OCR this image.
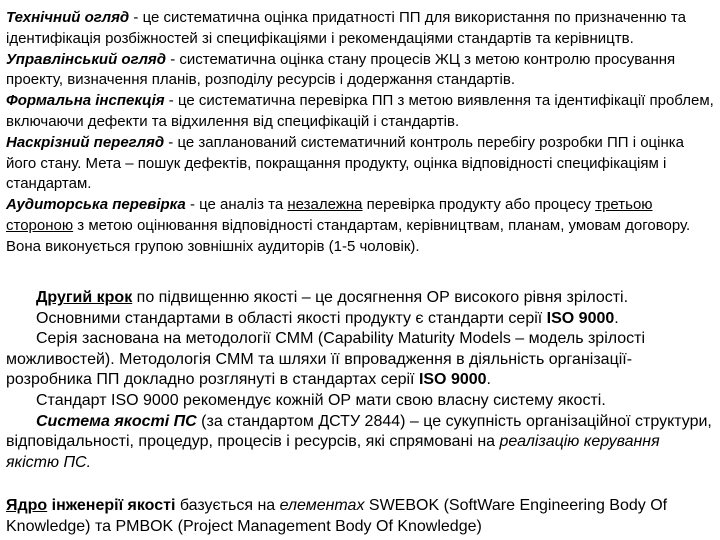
Технічний огляд - це систематична оцінка придатності ПП для використання по призначенню та ідентифікація розбіжностей зі специфікаціями і рекомендаціями стандартів та керівництв.

Управлінський огляд - систематична оцінка стану процесів ЖЦ з метою контролю просування проекту, визначення планів, розподілу ресурсів і додержання стандартів.

Формальна інспекція - це систематична перевірка ПП з метою виявлення та ідентифікації проблем, включаючи дефекти та відхилення від специфікацій і стандартів.

Наскрізний перегляд - це запланований систематичний контроль перебігу розробки ПП і оцінка його стану. Мета – пошук дефектів, покращання продукту, оцінка відповідності специфікаціям і стандартам.

Аудиторська перевірка - це аналіз та незалежна перевірка продукту або процесу третьою стороною з метою оцінювання відповідності стандартам, керівництвам, планам, умовам договору. Вона виконується групою зовнішніх аудиторів (1-5 чоловік).

Другий крок по підвищенню якості – це досягнення ОР високого рівня зрілості.

Основними стандартами в області якості продукту є стандарти серії ISO 9000.

Серія заснована на методології CMM (Capability Maturity Models – модель зрілості можливостей). Методологія CMM та шляхи її впровадження в діяльність організації-розробника ПП докладно розглянуті в стандартах серії ISO 9000.

Стандарт ISO 9000 рекомендує кожній ОР мати свою власну систему якості.

Система якості ПС (за стандартом ДСТУ 2844) – це сукупність організаційної структури, відповідальності, процедур, процесів і ресурсів, які спрямовані на реалізацію керування якістю ПС.

Ядро інженерії якості базується на елементах SWEBOK (SoftWare Engineering Body Of Knowledge) та PMBOK (Project Management Body Of Knowledge)
